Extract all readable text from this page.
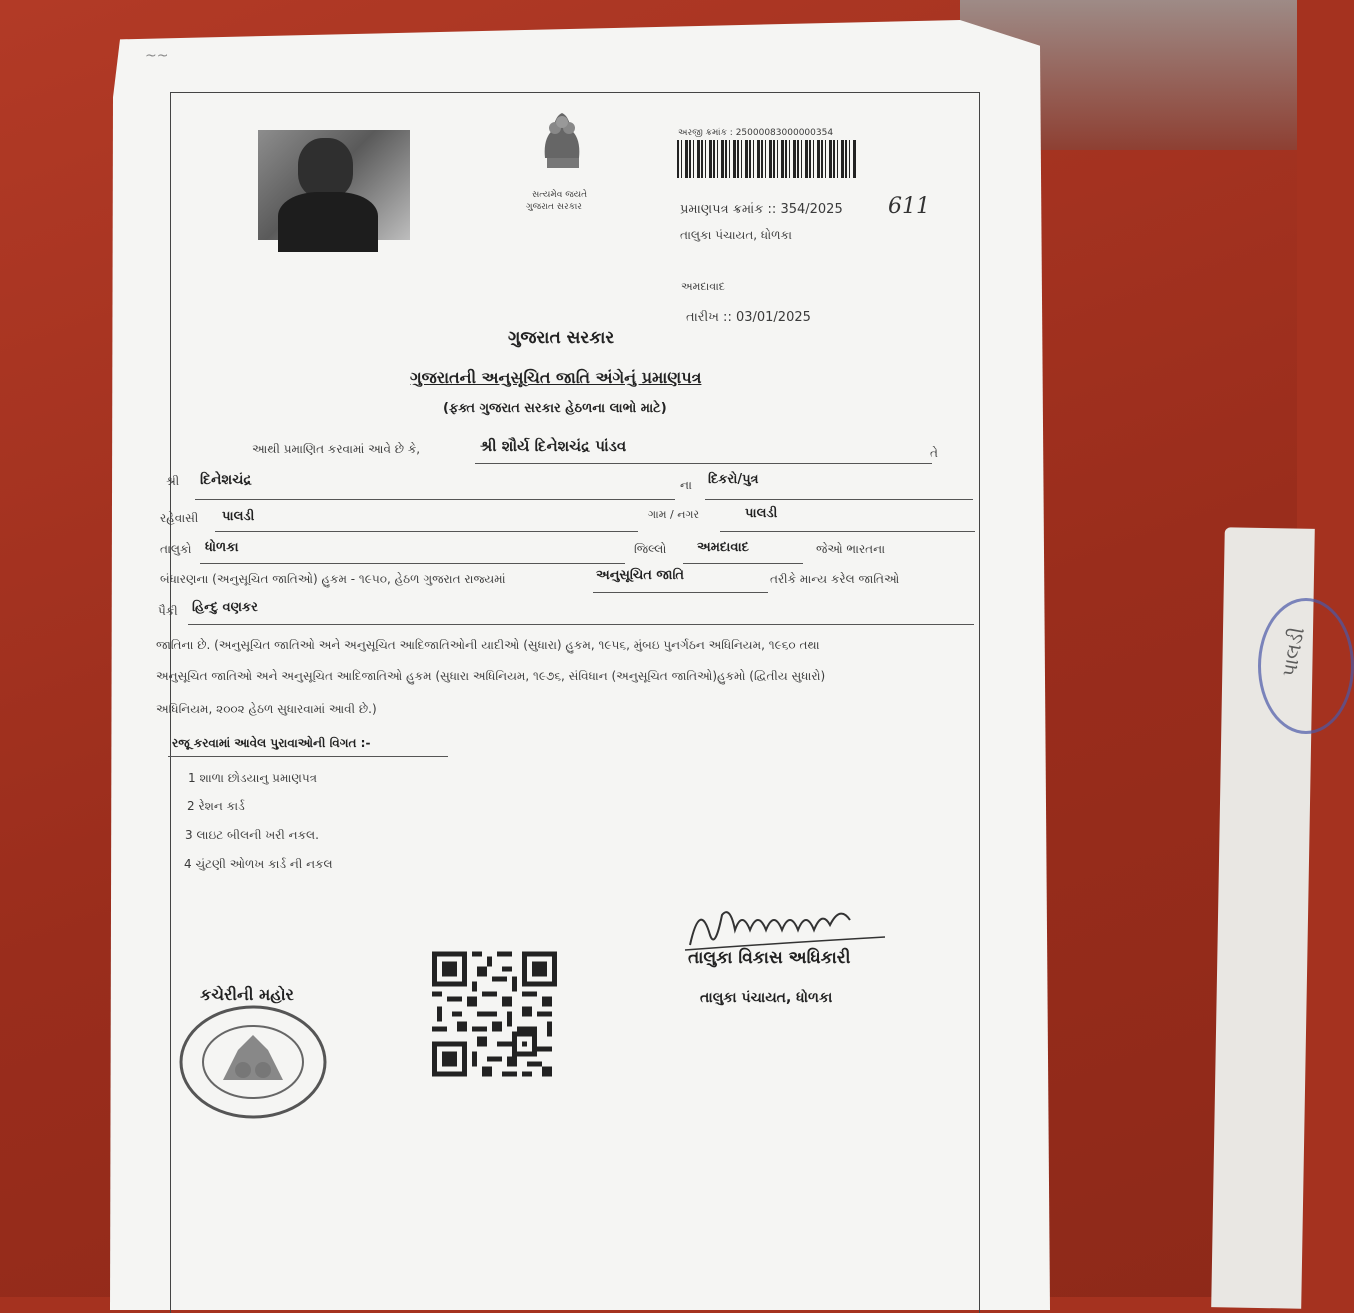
પાલડી
~~
સત્યમેવ જયતે
ગુજરાત સરકાર
અરજી ક્રમાંક : 25000083000000354
પ્રમાણપત્ર ક્રમાંક :: 354/2025 611
તાલુકા પંચાયત, ધોળકા
અમદાવાદ
તારીખ :: 03/01/2025
ગુજરાત સરકાર
ગુજરાતની અનુસૂચિત જાતિ અંગેનું પ્રમાણપત્ર
(ફક્ત ગુજરાત સરકાર હેઠળના લાભો માટે)
આથી પ્રમાણિત કરવામાં આવે છે કે,	શ્રી શૌર્ય દિનેશચંદ્ર પાંડવ	તે
શ્રી દિનેશચંદ્ર	ના દિકરો/પુત્ર
રહેવાસી પાલડી	ગામ / નગર	પાલડી
તાલુકો ધોળકા	જિલ્લો અમદાવાદ	જેઓ ભારતના
બંધારણના (અનુસૂચિત જાતિઓ) હુકમ - ૧૯૫૦, હેઠળ ગુજરાત રાજ્યમાં	અનુસૂચિત જાતિ	તરીકે માન્ય કરેલ જાતિઓ
પૈકી હિન્દુ વણકર
જાતિના છે. (અનુસૂચિત જાતિઓ અને અનુસૂચિત આદિજાતિઓની યાદીઓ (સુધારા) હુકમ, ૧૯૫૬, મુંબઇ પુનર્ગઠન અધિનિયમ, ૧૯૬૦ તથા
અનુસૂચિત જાતિઓ અને અનુસૂચિત આદિજાતિઓ હુકમ (સુધારા અધિનિયમ, ૧૯૭૬, સંવિધાન (અનુસૂચિત જાતિઓ)હુકમો (દ્વિતીય સુધારો)
અધિનિયમ, ૨૦૦૨ હેઠળ સુધારવામાં આવી છે.)
રજૂ કરવામાં આવેલ પુરાવાઓની વિગત :-
1 શાળા છોડયાનુ પ્રમાણપત્ર
2 રેશન કાર્ડ
3 લાઇટ બીલની ખરી નકલ.
4 ચુંટણી ઓળખ કાર્ડ ની નકલ
તાલુકા વિકાસ અધિકારી
તાલુકા પંચાયત, ધોળકા
કચેરીની મહોર
